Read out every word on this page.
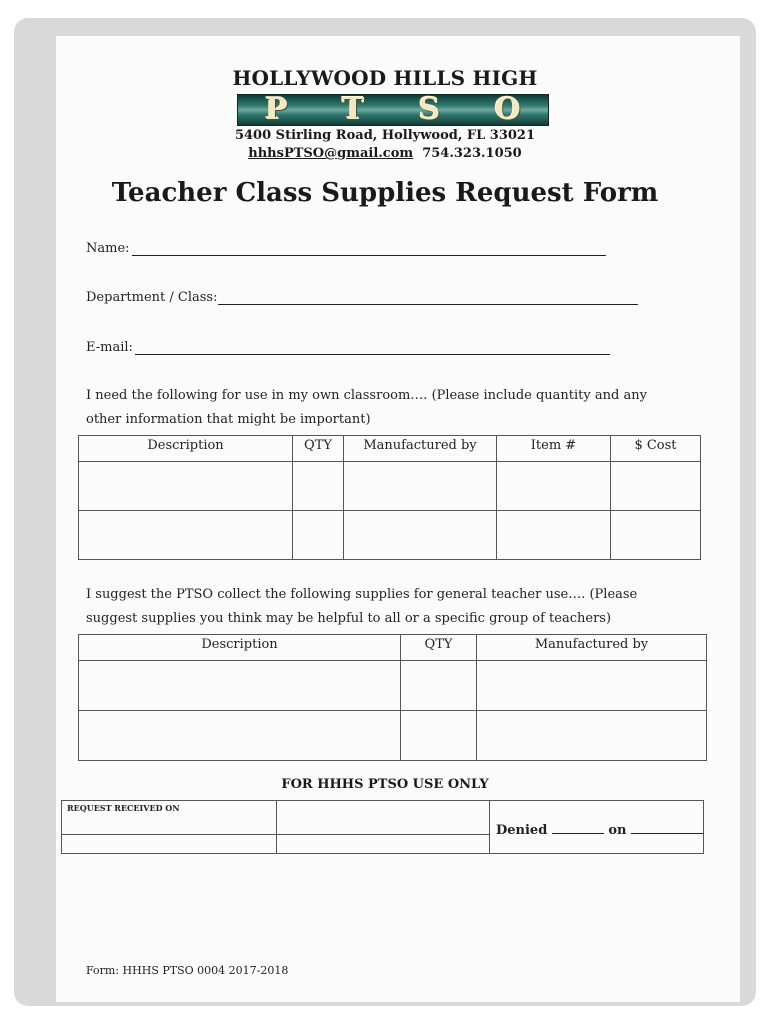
HOLLYWOOD HILLS HIGH
P T S O
5400 Stirling Road, Hollywood, FL 33021
hhhsPTSO@gmail.com 754.323.1050
Teacher Class Supplies Request Form
Name:
Department / Class:
E-mail:
I need the following for use in my own classroom…. (Please include quantity and any other information that might be important)
Description	QTY	Manufactured by	Item #	$ Cost

I suggest the PTSO collect the following supplies for general teacher use…. (Please suggest supplies you think may be helpful to all or a specific group of teachers)
Description	QTY	Manufactured by

FOR HHHS PTSO USE ONLY
REQUEST RECEIVED ON
Denied	on
Form: HHHS PTSO 0004 2017-2018
